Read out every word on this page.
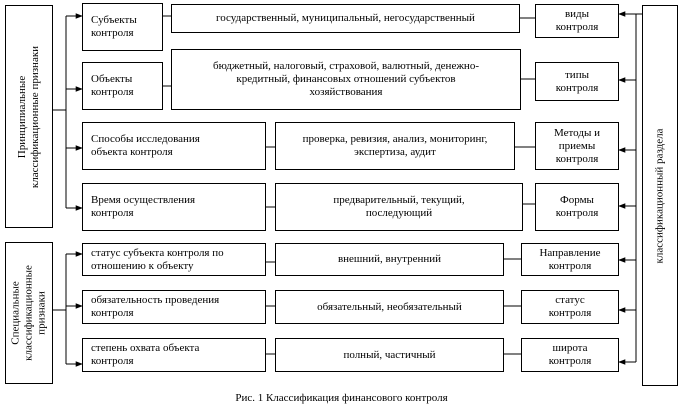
Принципиальные
классификационные признаки
Специальные
классификационные
признаки
классификационный раздела
Субъекты
контроля
государственный, муниципальный, негосударственный	виды
контроля
Объекты
контроля
бюджетный, налоговый, страховой, валютный, денежно-
кредитный, финансовых отношений субъектов
хозяйствования
типы
контроля
Способы исследования
объекта контроля
проверка, ревизия, анализ, мониторинг,
экспертиза, аудит
Методы и
приемы
контроля
Время осуществления
контроля
предварительный, текущий,
последующий
Формы
контроля
статус субъекта контроля по
отношению к объекту
внешний, внутренний
Направление
контроля
обязательность проведения
контроля
обязательный, необязательный
статус
контроля
степень охвата объекта
контроля
полный, частичный
широта
контроля
Рис. 1 Классификация финансового контроля
